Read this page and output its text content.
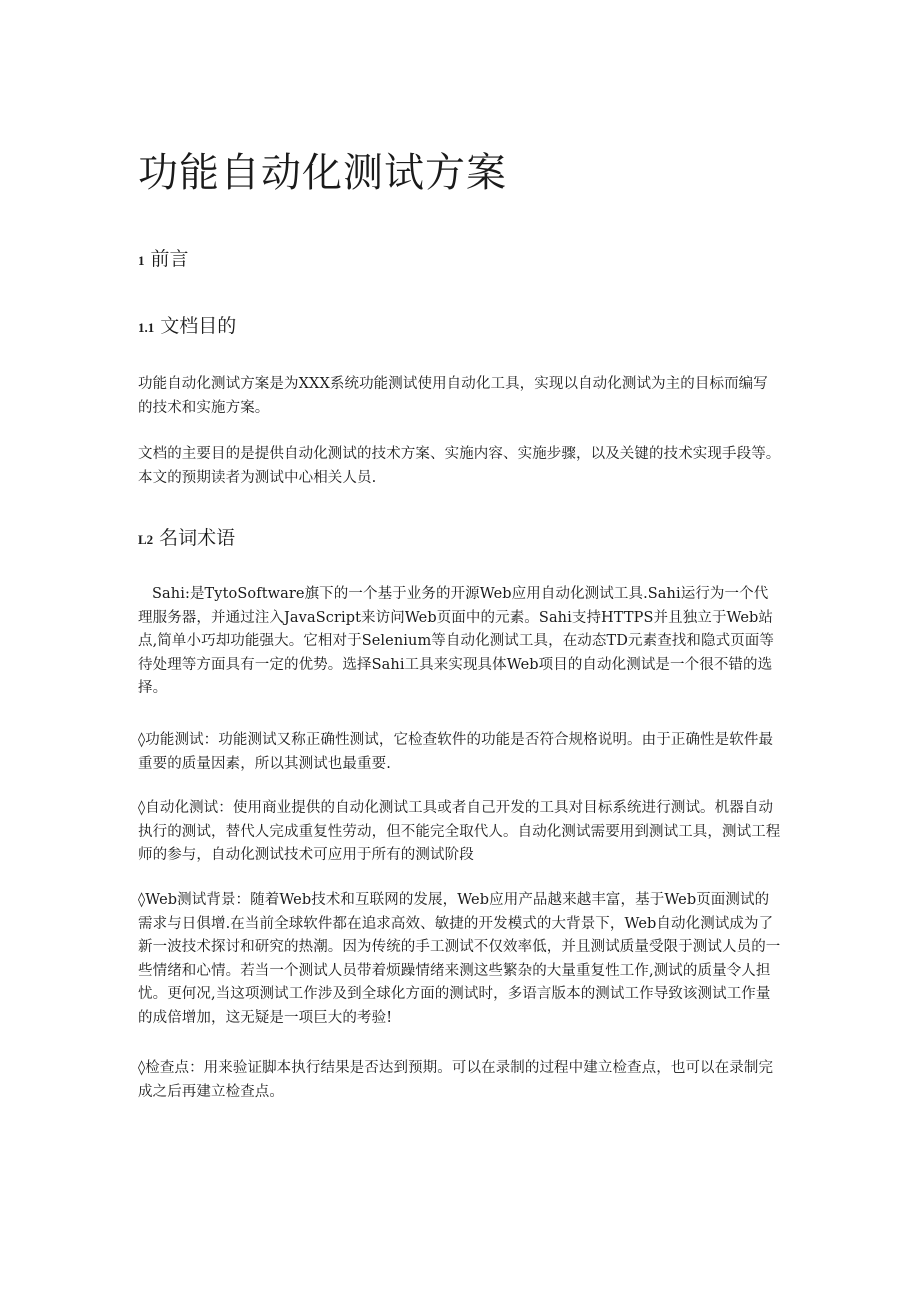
功能自动化测试方案
1 前言
1.1 文档目的

功能自动化测试方案是为XXX系统功能测试使用自动化工具，实现以自动化测试为主的目标而编写的技术和实施方案。

文档的主要目的是提供自动化测试的技术方案、实施内容、实施步骤，以及关键的技术实现手段等。本文的预期读者为测试中心相关人员.

L2 名词术语

Sahi:是TytoSoftware旗下的一个基于业务的开源Web应用自动化测试工具.Sahi运行为一个代理服务器，并通过注入JavaScript来访问Web页面中的元素。Sahi支持HTTPS并且独立于Web站点,简单小巧却功能强大。它相对于Selenium等自动化测试工具，在动态TD元素查找和隐式页面等待处理等方面具有一定的优势。选择Sahi工具来实现具体Web项目的自动化测试是一个很不错的选择。

◊功能测试：功能测试又称正确性测试，它检查软件的功能是否符合规格说明。由于正确性是软件最重要的质量因素，所以其测试也最重要.

◊自动化测试：使用商业提供的自动化测试工具或者自己开发的工具对目标系统进行测试。机器自动执行的测试，替代人完成重复性劳动，但不能完全取代人。自动化测试需要用到测试工具，测试工程师的参与，自动化测试技术可应用于所有的测试阶段

◊Web测试背景：随着Web技术和互联网的发展，Web应用产品越来越丰富，基于Web页面测试的需求与日俱增.在当前全球软件都在追求高效、敏捷的开发模式的大背景下，Web自动化测试成为了新一波技术探讨和研究的热潮。因为传统的手工测试不仅效率低，并且测试质量受限于测试人员的一些情绪和心情。若当一个测试人员带着烦躁情绪来测这些繁杂的大量重复性工作,测试的质量令人担忧。更何况,当这项测试工作涉及到全球化方面的测试时，多语言版本的测试工作导致该测试工作量的成倍增加，这无疑是一项巨大的考验!

◊检查点：用来验证脚本执行结果是否达到预期。可以在录制的过程中建立检查点，也可以在录制完成之后再建立检查点。
